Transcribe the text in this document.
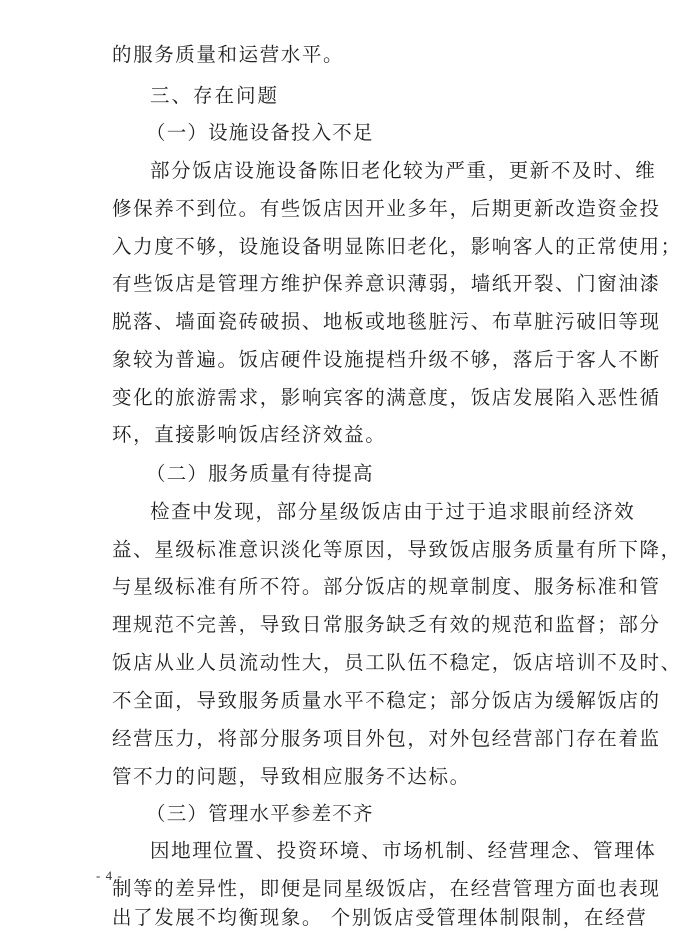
的服务质量和运营水平。
三、存在问题
（一）设施设备投入不足
部分饭店设施设备陈旧老化较为严重，更新不及时、维
修保养不到位。有些饭店因开业多年，后期更新改造资金投
入力度不够，设施设备明显陈旧老化，影响客人的正常使用；
有些饭店是管理方维护保养意识薄弱，墙纸开裂、门窗油漆
脱落、墙面瓷砖破损、地板或地毯脏污、布草脏污破旧等现
象较为普遍。饭店硬件设施提档升级不够，落后于客人不断
变化的旅游需求，影响宾客的满意度，饭店发展陷入恶性循
环，直接影响饭店经济效益。
（二）服务质量有待提高
检查中发现，部分星级饭店由于过于追求眼前经济效
益、星级标准意识淡化等原因，导致饭店服务质量有所下降，
与星级标准有所不符。部分饭店的规章制度、服务标准和管
理规范不完善，导致日常服务缺乏有效的规范和监督；部分
饭店从业人员流动性大，员工队伍不稳定，饭店培训不及时、
不全面，导致服务质量水平不稳定；部分饭店为缓解饭店的
经营压力，将部分服务项目外包，对外包经营部门存在着监
管不力的问题，导致相应服务不达标。
（三）管理水平参差不齐
因地理位置、投资环境、市场机制、经营理念、管理体
制等的差异性，即便是同星级饭店，在经营管理方面也表现
出了发展不均衡现象。 个别饭店受管理体制限制，在经营
- 4 -
